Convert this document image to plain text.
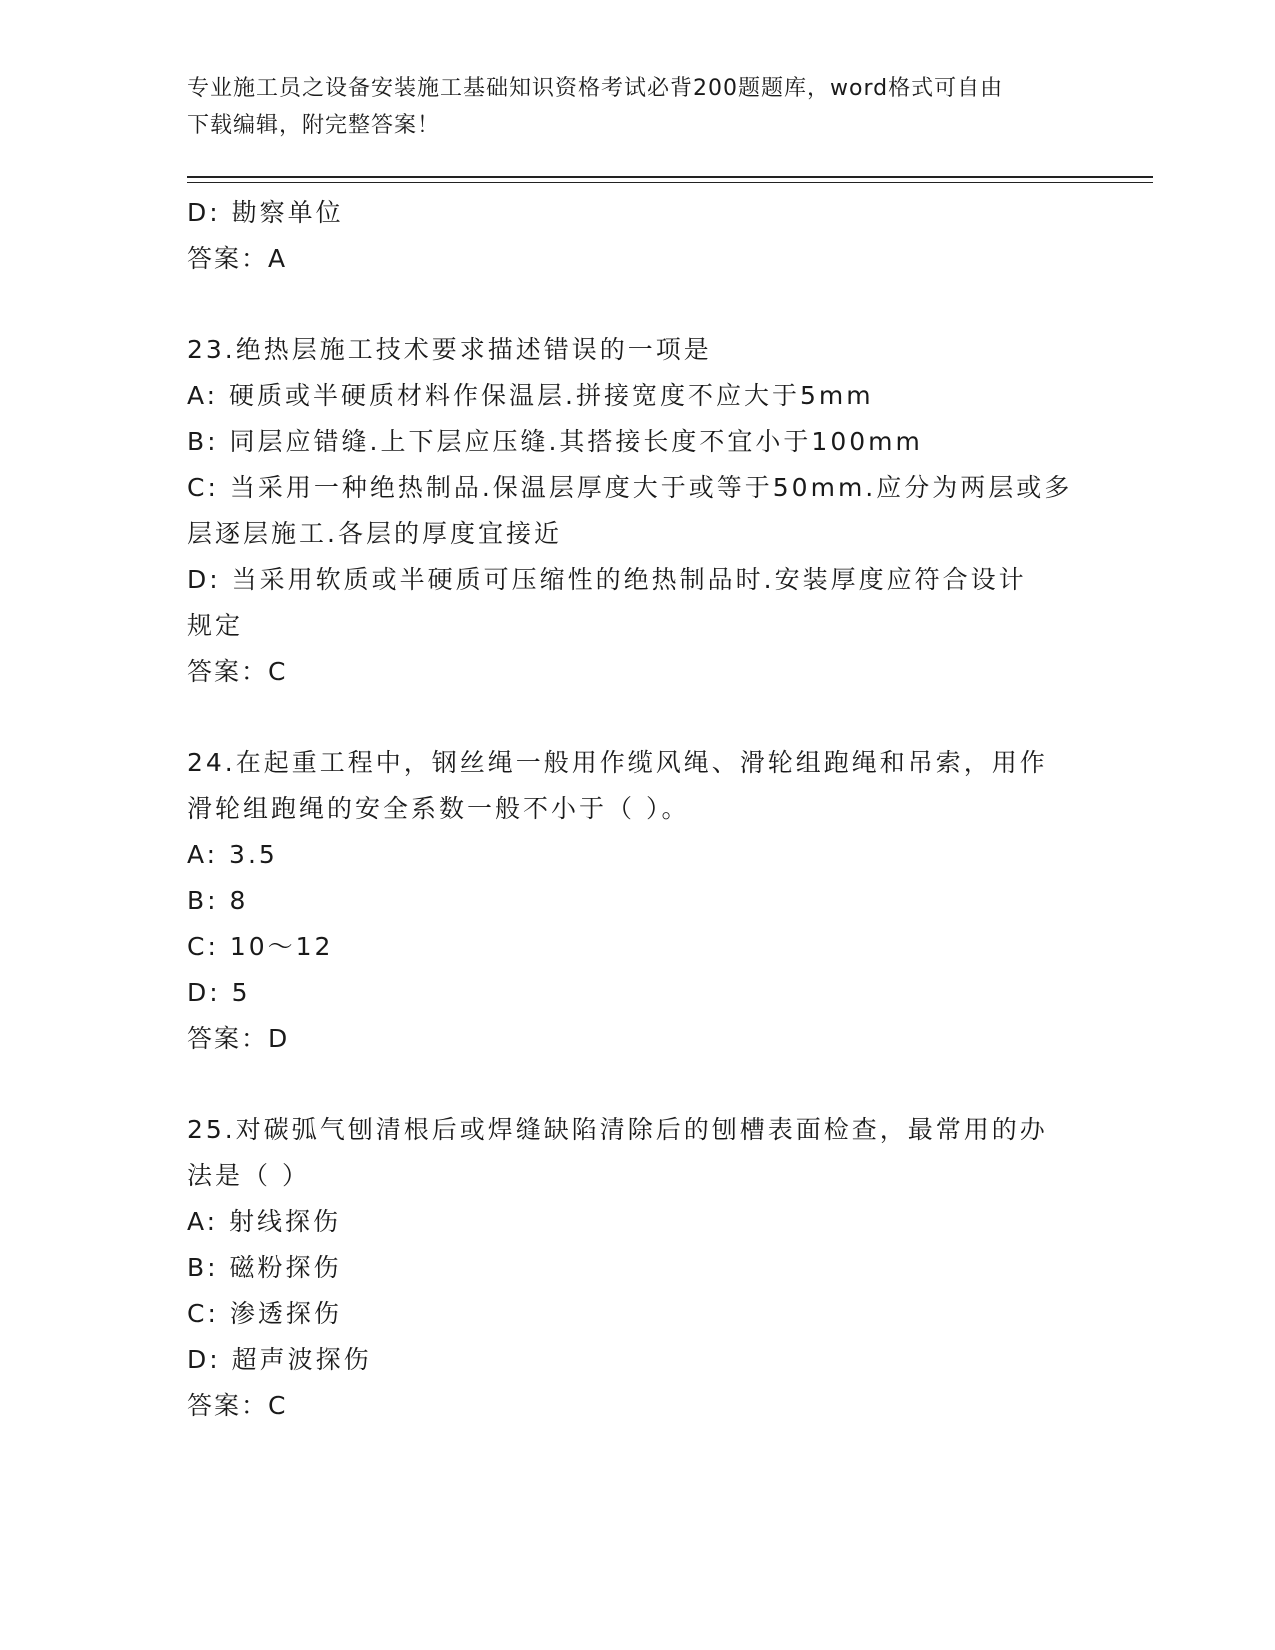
专业施工员之设备安装施工基础知识资格考试必背200题题库，word格式可自由
下载编辑，附完整答案！
D: 勘察单位
答案：A
23.绝热层施工技术要求描述错误的一项是
A: 硬质或半硬质材料作保温层.拼接宽度不应大于5mm
B: 同层应错缝.上下层应压缝.其搭接长度不宜小于100mm
C: 当采用一种绝热制品.保温层厚度大于或等于50mm.应分为两层或多
层逐层施工.各层的厚度宜接近
D: 当采用软质或半硬质可压缩性的绝热制品时.安装厚度应符合设计
规定
答案：C
24.在起重工程中，钢丝绳一般用作缆风绳、滑轮组跑绳和吊索，用作
滑轮组跑绳的安全系数一般不小于（ ）。
A: 3.5
B: 8
C: 10～12
D: 5
答案：D
25.对碳弧气刨清根后或焊缝缺陷清除后的刨槽表面检查，最常用的办
法是（ ）
A: 射线探伤
B: 磁粉探伤
C: 渗透探伤
D: 超声波探伤
答案：C
